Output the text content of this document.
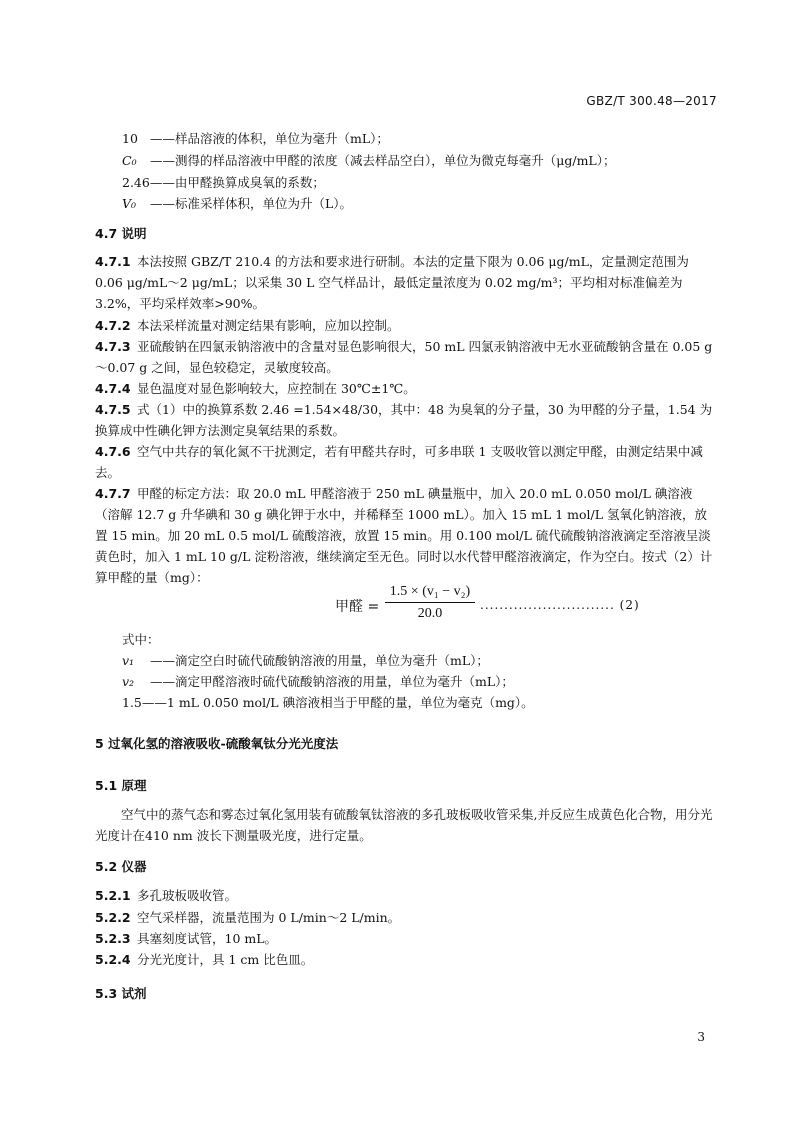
GBZ/T 300.48—2017
10 ——样品溶液的体积，单位为毫升（mL）；
C₀ ——测得的样品溶液中甲醛的浓度（减去样品空白），单位为微克每毫升（μg/mL）；
2.46——由甲醛换算成臭氧的系数；
V₀ ——标准采样体积，单位为升（L）。
4.7 说明
4.7.1 本法按照 GBZ/T 210.4 的方法和要求进行研制。本法的定量下限为 0.06 μg/mL，定量测定范围为 0.06 μg/mL～2 μg/mL；以采集 30 L 空气样品计，最低定量浓度为 0.02 mg/m³；平均相对标准偏差为 3.2%，平均采样效率>90%。
4.7.2 本法采样流量对测定结果有影响，应加以控制。
4.7.3 亚硫酸钠在四氯汞钠溶液中的含量对显色影响很大，50 mL 四氯汞钠溶液中无水亚硫酸钠含量在 0.05 g～0.07 g 之间，显色较稳定，灵敏度较高。
4.7.4 显色温度对显色影响较大，应控制在 30℃±1℃。
4.7.5 式（1）中的换算系数 2.46 =1.54×48/30，其中：48 为臭氧的分子量，30 为甲醛的分子量，1.54 为换算成中性碘化钾方法测定臭氧结果的系数。
4.7.6 空气中共存的氧化氮不干扰测定，若有甲醛共存时，可多串联 1 支吸收管以测定甲醛，由测定结果中减去。
4.7.7 甲醛的标定方法：取 20.0 mL 甲醛溶液于 250 mL 碘量瓶中，加入 20.0 mL 0.050 mol/L 碘溶液（溶解 12.7 g 升华碘和 30 g 碘化钾于水中，并稀释至 1000 mL）。加入 15 mL 1 mol/L 氢氧化钠溶液，放置 15 min。加 20 mL 0.5 mol/L 硫酸溶液，放置 15 min。用 0.100 mol/L 硫代硫酸钠溶液滴定至溶液呈淡黄色时，加入 1 mL 10 g/L 淀粉溶液，继续滴定至无色。同时以水代替甲醛溶液滴定，作为空白。按式（2）计算甲醛的量（mg）：
甲醛 = $\frac{\text{1.5 × (v₁ − v₂)}}{20.0}$ ............................ (2)
式中：
v₁ ——滴定空白时硫代硫酸钠溶液的用量，单位为毫升（mL）；
v₂ ——滴定甲醛溶液时硫代硫酸钠溶液的用量，单位为毫升（mL）；
1.5——1 mL 0.050 mol/L 碘溶液相当于甲醛的量，单位为毫克（mg）。
5 过氧化氢的溶液吸收-硫酸氧钛分光光度法
5.1 原理
空气中的蒸气态和雾态过氧化氢用装有硫酸氧钛溶液的多孔玻板吸收管采集,并反应生成黄色化合物，用分光光度计在410 nm 波长下测量吸光度，进行定量。
5.2 仪器
5.2.1 多孔玻板吸收管。
5.2.2 空气采样器，流量范围为 0 L/min～2 L/min。
5.2.3 具塞刻度试管，10 mL。
5.2.4 分光光度计，具 1 cm 比色皿。
5.3 试剂
3
